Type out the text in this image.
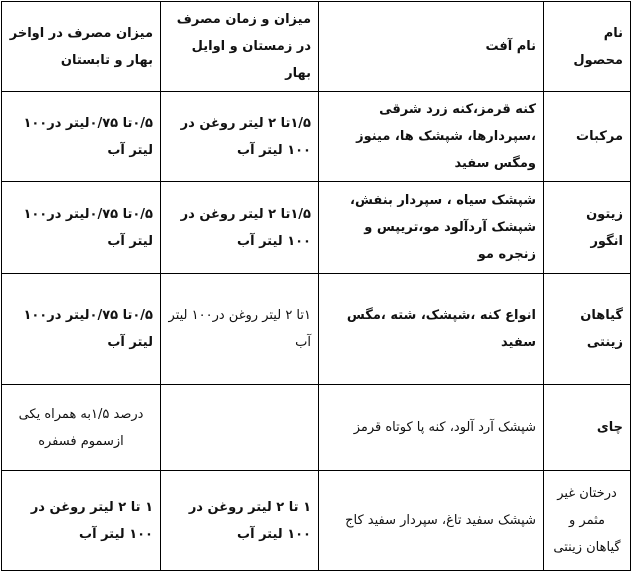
نام محصول	نام آفت	میزان و زمان مصرف در زمستان و اوایل بهار	میزان مصرف در اواخر بهار و تابستان
مرکبات	کنه قرمز،کنه زرد شرقی ،سپردارها، شپشک ها، مینوز ومگس سفید	۱/۵تا ۲ لیتر روغن در ۱۰۰ لیتر آب	۰/۵تا ۰/۷۵لیتر در۱۰۰ لیتر آب
زیتون انگور	شپشک سیاه ، سپردار بنفش، شپشک آردآلود مو،تریپس و زنجره مو	۱/۵تا ۲ لیتر روغن در ۱۰۰ لیتر آب	۰/۵تا ۰/۷۵لیتر در۱۰۰ لیتر آب
گیاهان زینتی	انواع کنه ،شپشک، شته ،مگس سفید	۱تا ۲ لیتر روغن در۱۰۰ لیتر آب	۰/۵تا ۰/۷۵لیتر در۱۰۰ لیتر آب
چای	شپشک آرد آلود، کنه پا کوتاه قرمز		درصد ۱/۵به همراه یکی ازسموم فسفره
درختان غیر مثمر و گیاهان زینتی	شپشک سفید تاغ، سپردار سفید کاج	۱ تا ۲ لیتر روغن در ۱۰۰ لیتر آب	۱ تا ۲ لیتر روغن در ۱۰۰ لیتر آب
